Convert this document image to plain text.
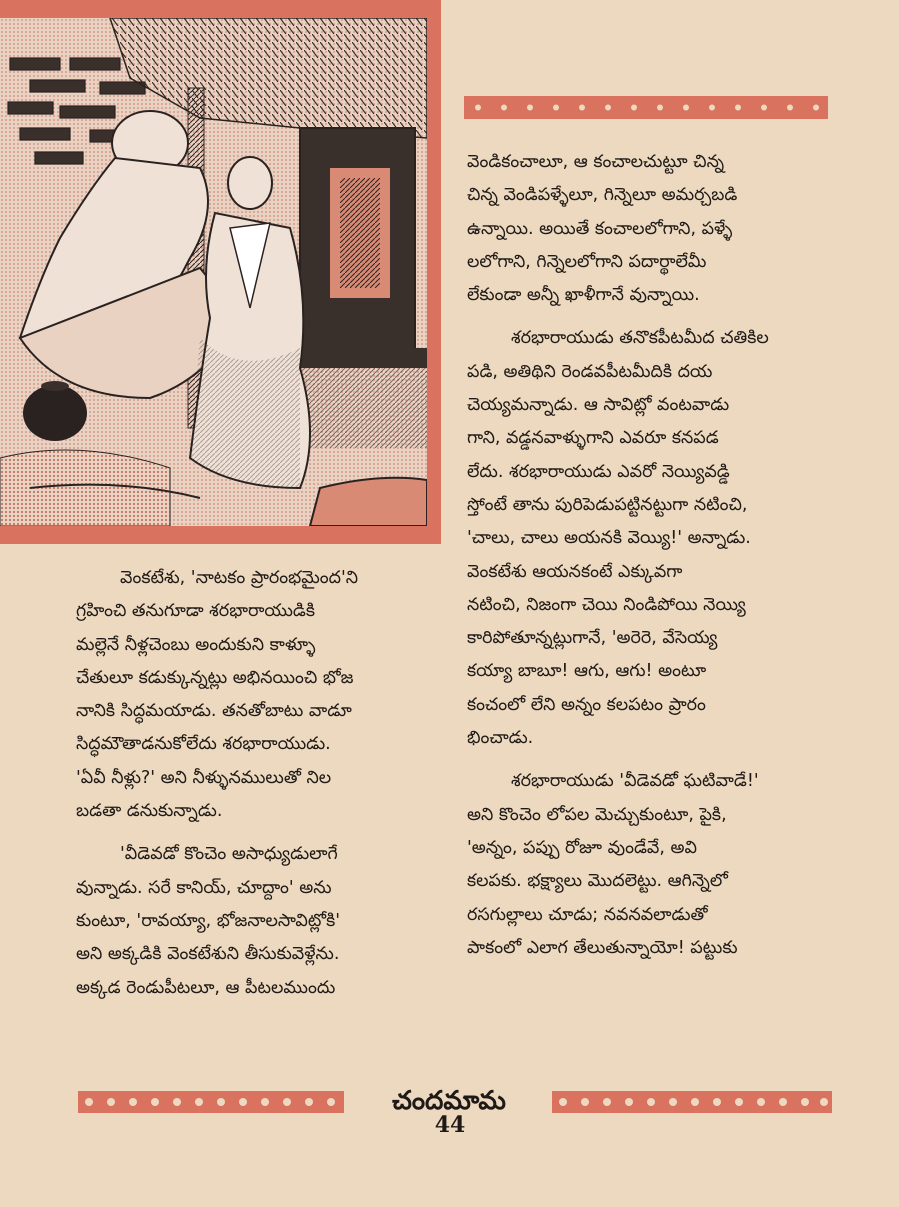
వెండికంచాలూ, ఆ కంచాలచుట్టూ చిన్న
చిన్న వెండిపళ్ళేలూ, గిన్నెలూ అమర్చబడి
ఉన్నాయి. అయితే కంచాలలోగాని, పళ్ళే
లలోగాని, గిన్నెలలోగాని పదార్థాలేమీ
లేకుండా అన్నీ ఖాళీగానే వున్నాయి.

శరభారాయుడు తనొకపీటమీద చతికిల
పడి, అతిథిని రెండవపీటమీదికి దయ
చెయ్యమన్నాడు. ఆ సావిట్లో వంటవాడు
గాని, వడ్డనవాళ్ళుగాని ఎవరూ కనపడ
లేదు. శరభారాయుడు ఎవరో నెయ్యివడ్డి
స్తోంటే తాను పురిపెడుపట్టినట్టుగా నటించి,
'చాలు, చాలు అయనకి వెయ్యి!' అన్నాడు.
వెంకటేశు ఆయనకంటే ఎక్కువగా
నటించి, నిజంగా చెయి నిండిపోయి నెయ్యి
కారిపోతూన్నట్లుగానే, 'అరెరె, వేసెయ్య
కయ్యా బాబూ! ఆగు, ఆగు! అంటూ
కంచంలో లేని అన్నం కలపటం ప్రారం
భించాడు.

శరభారాయుడు 'వీడెవడో ఘటివాడే!'
అని కొంచెం లోపల మెచ్చుకుంటూ, పైకి,
'అన్నం, పప్పు రోజూ వుండేవే, అవి
కలపకు. భక్ష్యాలు మొదలెట్టు. ఆగిన్నెలో
రసగుల్లాలు చూడు; నవనవలాడుతో
పాకంలో ఎలాగ తేలుతున్నాయో! పట్టుకు

వెంకటేశు, 'నాటకం ప్రారంభమైంద'ని
గ్రహించి తనుగూడా శరభారాయుడికి
మల్లెనే నీళ్లచెంబు అందుకుని కాళ్ళూ
చేతులూ కడుక్కున్నట్లు అభినయించి భోజ
నానికి సిద్ధమయాడు. తనతోబాటు వాడూ
సిద్ధమౌతాడనుకోలేదు శరభారాయుడు.
'ఏవీ నీళ్లు?' అని నీళ్ళునములుతో నిల
బడతా డనుకున్నాడు.

'వీడెవడో కొంచెం అసాధ్యుడులాగే
వున్నాడు. సరే కానియ్, చూద్దాం' అను
కుంటూ, 'రావయ్యా, భోజనాలసావిట్లోకి'
అని అక్కడికి వెంకటేశుని తీసుకువెళ్లేను.
అక్కడ రెండుపీటలూ, ఆ పీటలముందు

చందమామ
44
